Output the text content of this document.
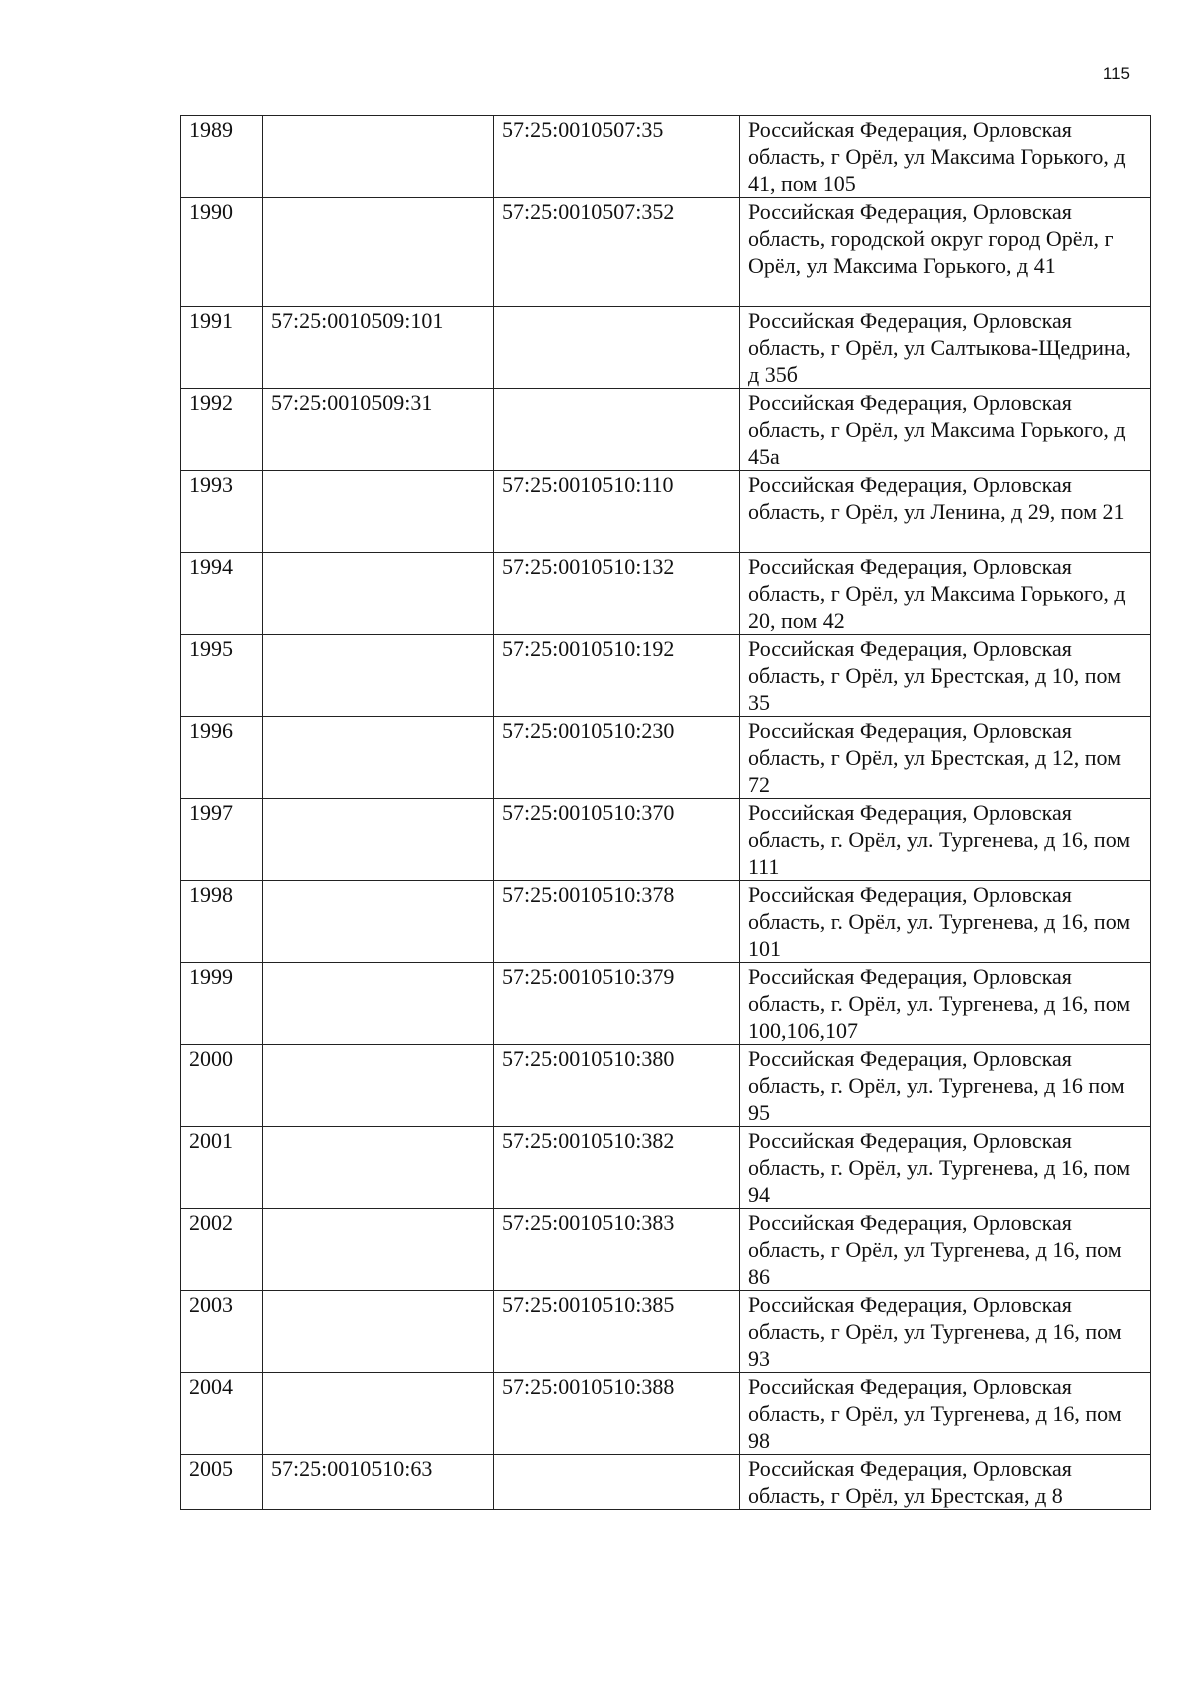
115
1989		57:25:0010507:35	Российская Федерация, Орловская область, г Орёл, ул Максима Горького, д 41, пом 105
1990		57:25:0010507:352	Российская Федерация, Орловская область, городской округ город Орёл, г Орёл, ул Максима Горького, д 41
1991	57:25:0010509:101		Российская Федерация, Орловская область, г Орёл, ул Салтыкова-Щедрина, д 35б
1992	57:25:0010509:31		Российская Федерация, Орловская область, г Орёл, ул Максима Горького, д 45а
1993		57:25:0010510:110	Российская Федерация, Орловская область, г Орёл, ул Ленина, д 29, пом 21
1994		57:25:0010510:132	Российская Федерация, Орловская область, г Орёл, ул Максима Горького, д 20, пом 42
1995		57:25:0010510:192	Российская Федерация, Орловская область, г Орёл, ул Брестская, д 10, пом 35
1996		57:25:0010510:230	Российская Федерация, Орловская область, г Орёл, ул Брестская, д 12, пом 72
1997		57:25:0010510:370	Российская Федерация, Орловская область, г. Орёл, ул. Тургенева, д 16, пом 111
1998		57:25:0010510:378	Российская Федерация, Орловская область, г. Орёл, ул. Тургенева, д 16, пом 101
1999		57:25:0010510:379	Российская Федерация, Орловская область, г. Орёл, ул. Тургенева, д 16, пом 100,106,107
2000		57:25:0010510:380	Российская Федерация, Орловская область, г. Орёл, ул. Тургенева, д 16 пом 95
2001		57:25:0010510:382	Российская Федерация, Орловская область, г. Орёл, ул. Тургенева, д 16, пом 94
2002		57:25:0010510:383	Российская Федерация, Орловская область, г Орёл, ул Тургенева, д 16, пом 86
2003		57:25:0010510:385	Российская Федерация, Орловская область, г Орёл, ул Тургенева, д 16, пом 93
2004		57:25:0010510:388	Российская Федерация, Орловская область, г Орёл, ул Тургенева, д 16, пом 98
2005	57:25:0010510:63		Российская Федерация, Орловская область, г Орёл, ул Брестская, д 8
